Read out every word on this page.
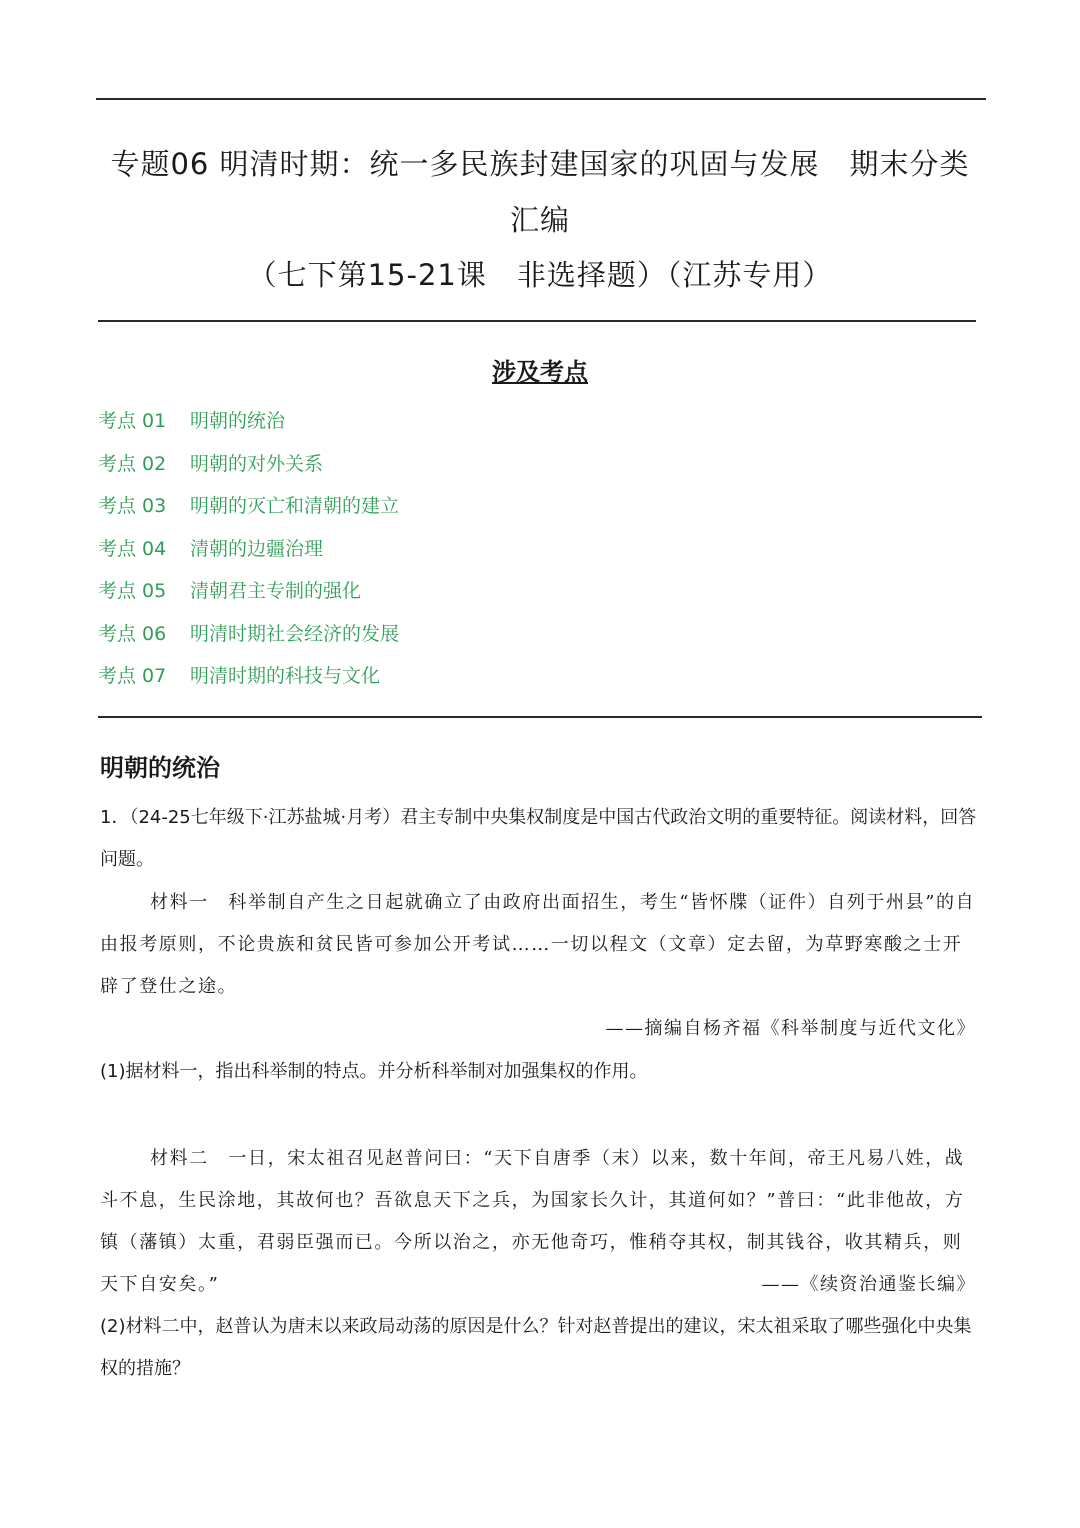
专题06 明清时期：统一多民族封建国家的巩固与发展　期末分类汇编
（七下第15-21课　非选择题）（江苏专用）
涉及考点
考点 01 明朝的统治
考点 02 明朝的对外关系
考点 03 明朝的灭亡和清朝的建立
考点 04 清朝的边疆治理
考点 05 清朝君主专制的强化
考点 06 明清时期社会经济的发展
考点 07 明清时期的科技与文化
明朝的统治

1．（24-25七年级下·江苏盐城·月考）君主专制中央集权制度是中国古代政治文明的重要特征。阅读材料，回答问题。

材料一　科举制自产生之日起就确立了由政府出面招生，考生“皆怀牒（证件）自列于州县”的自由报考原则，不论贵族和贫民皆可参加公开考试……一切以程文（文章）定去留，为草野寒酸之士开辟了登仕之途。

——摘编自杨齐福《科举制度与近代文化》

(1)据材料一，指出科举制的特点。并分析科举制对加强集权的作用。

材料二　一日，宋太祖召见赵普问曰：“天下自唐季（末）以来，数十年间，帝王凡易八姓，战斗不息，生民涂地，其故何也？吾欲息天下之兵，为国家长久计，其道何如？”普曰：“此非他故，方镇（藩镇）太重，君弱臣强而已。今所以治之，亦无他奇巧，惟稍夺其权，制其钱谷，收其精兵，则天下自安矣。”	——《续资治通鉴长编》

(2)材料二中，赵普认为唐末以来政局动荡的原因是什么？针对赵普提出的建议，宋太祖采取了哪些强化中央集权的措施？
